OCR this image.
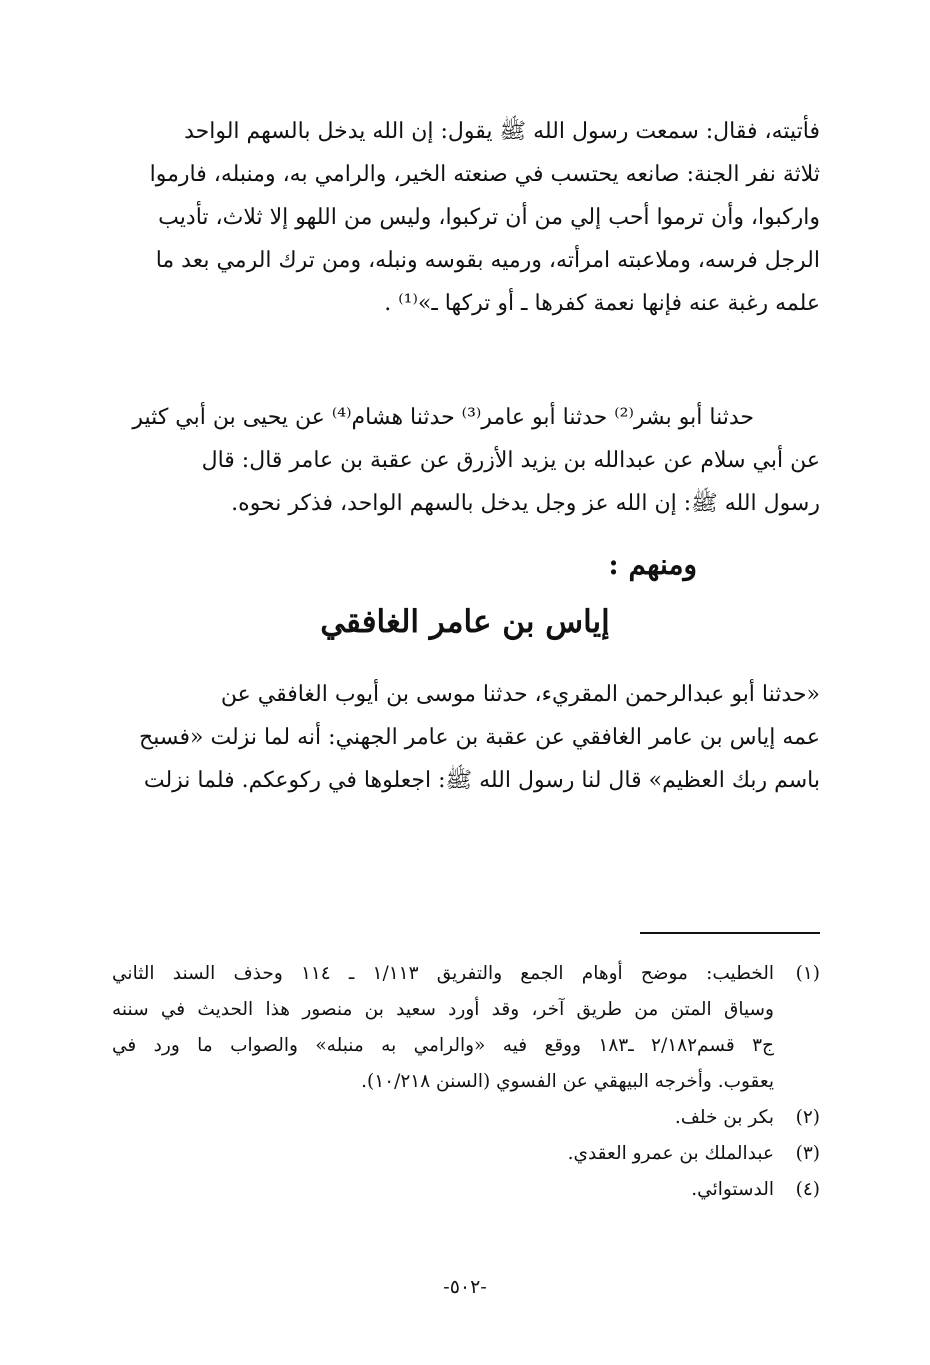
فأتيته، فقال: سمعت رسول الله ﷺ يقول: إن الله يدخل بالسهم الواحد
ثلاثة نفر الجنة: صانعه يحتسب في صنعته الخير، والرامي به، ومنبله، فارموا
واركبوا، وأن ترموا أحب إلي من أن تركبوا، وليس من اللهو إلا ثلاث، تأديب
الرجل فرسه، وملاعبته امرأته، ورميه بقوسه ونبله، ومن ترك الرمي بعد ما
علمه رغبة عنه فإنها نعمة كفرها ـ أو تركها ـ»⁽¹⁾ .
حدثنا أبو بشر⁽²⁾ حدثنا أبو عامر⁽³⁾ حدثنا هشام⁽⁴⁾ عن يحيى بن أبي كثير
عن أبي سلام عن عبدالله بن يزيد الأزرق عن عقبة بن عامر قال: قال
رسول الله ﷺ: إن الله عز وجل يدخل بالسهم الواحد، فذكر نحوه.
ومنهم :
إياس بن عامر الغافقي
«حدثنا أبو عبدالرحمن المقريء، حدثنا موسى بن أيوب الغافقي عن
عمه إياس بن عامر الغافقي عن عقبة بن عامر الجهني: أنه لما نزلت «فسبح
باسم ربك العظيم» قال لنا رسول الله ﷺ: اجعلوها في ركوعكم. فلما نزلت
(١)
الخطيب: موضح أوهام الجمع والتفريق ١/١١٣ ـ ١١٤ وحذف السند الثاني
وسياق المتن من طريق آخر، وقد أورد سعيد بن منصور هذا الحديث في سننه
ج٣ قسم٢/١٨٢ ـ١٨٣ ووقع فيه «والرامي به منبله» والصواب ما ورد في
يعقوب. وأخرجه البيهقي عن الفسوي (السنن ١٠/٢١٨).
(٢)
بكر بن خلف.
(٣)
عبدالملك بن عمرو العقدي.
(٤)
الدستوائي.
-٥٠٢-
